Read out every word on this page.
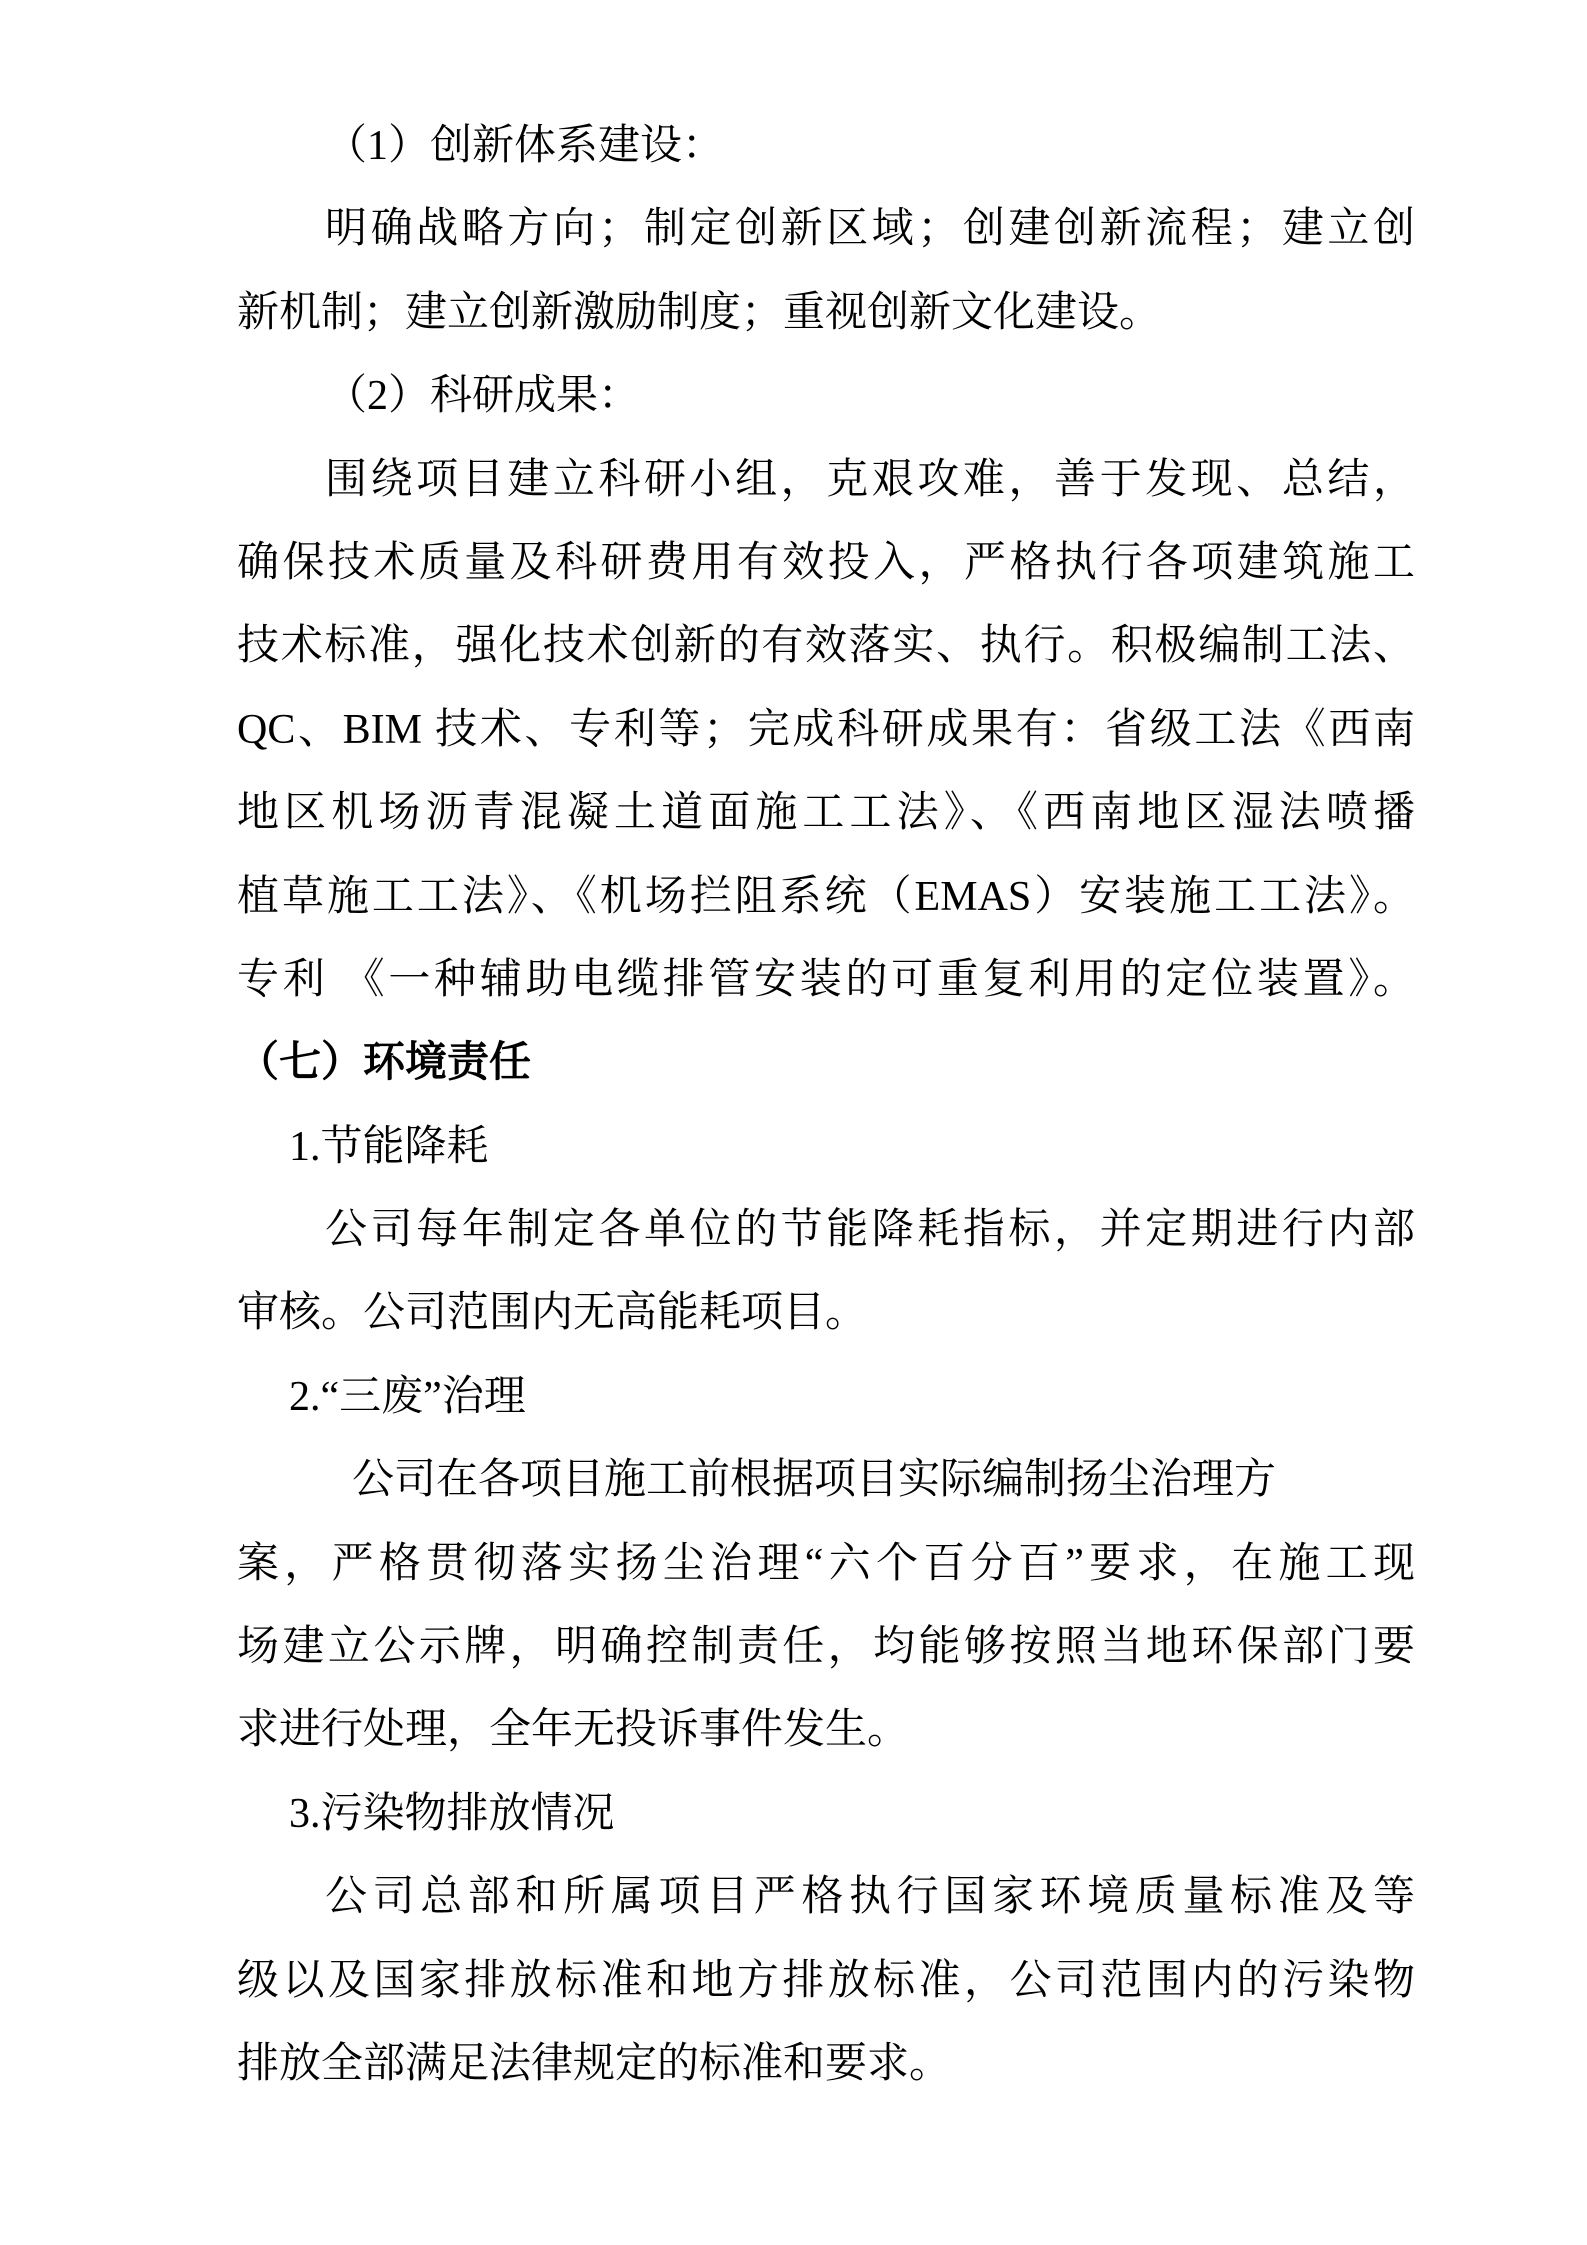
（1）创新体系建设：
明确战略方向；制定创新区域；创建创新流程；建立创
新机制；建立创新激励制度；重视创新文化建设。
（2）科研成果：
围绕项目建立科研小组，克艰攻难，善于发现、总结，
确保技术质量及科研费用有效投入，严格执行各项建筑施工
技术标准，强化技术创新的有效落实、执行。积极编制工法、
QC、BIM 技术、专利等；完成科研成果有：省级工法《西南
地区机场沥青混凝土道面施工工法》、《西南地区湿法喷播
植草施工工法》、《机场拦阻系统（EMAS）安装施工工法》。
专利 《一种辅助电缆排管安装的可重复利用的定位装置》。
（七）环境责任
1.节能降耗
公司每年制定各单位的节能降耗指标，并定期进行内部
审核。公司范围内无高能耗项目。
2.“三废”治理
公司在各项目施工前根据项目实际编制扬尘治理方
案，严格贯彻落实扬尘治理“六个百分百”要求，在施工现
场建立公示牌，明确控制责任，均能够按照当地环保部门要
求进行处理，全年无投诉事件发生。
3.污染物排放情况
公司总部和所属项目严格执行国家环境质量标准及等
级以及国家排放标准和地方排放标准，公司范围内的污染物
排放全部满足法律规定的标准和要求。
